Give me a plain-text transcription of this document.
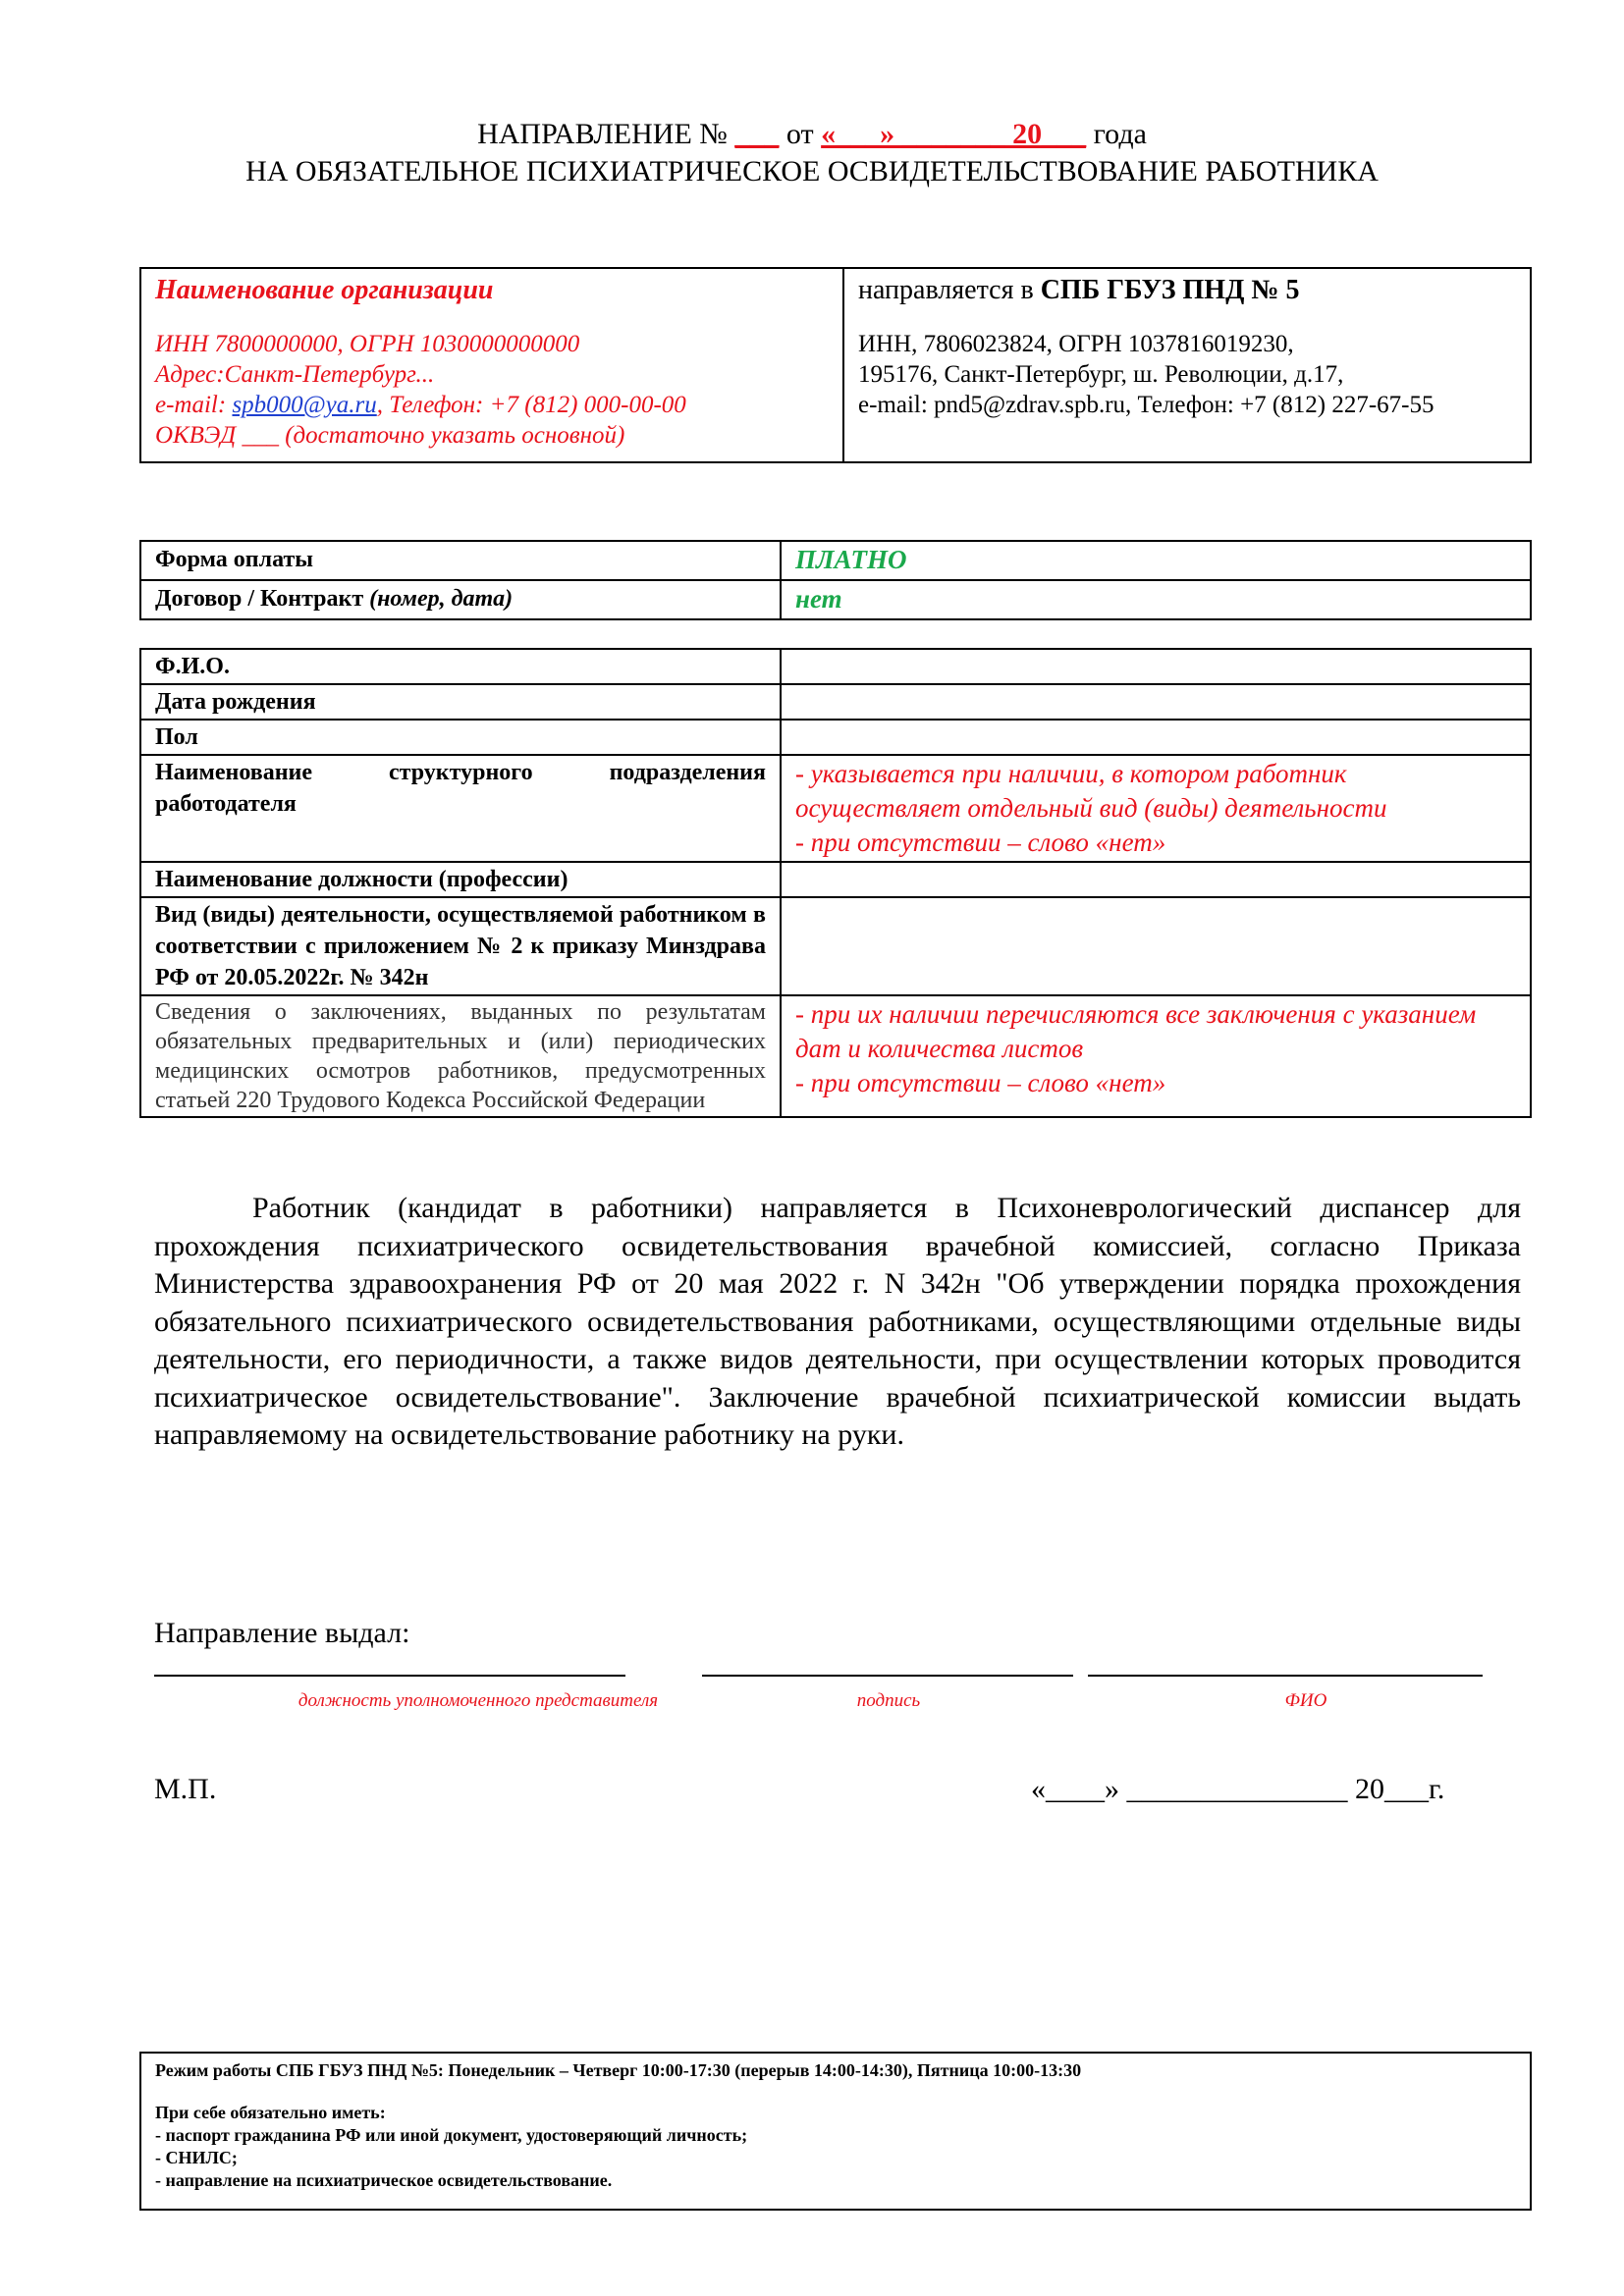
НАПРАВЛЕНИЕ № ___ от «___» _______ 20___ года
НА ОБЯЗАТЕЛЬНОЕ ПСИХИАТРИЧЕСКОЕ ОСВИДЕТЕЛЬСТВОВАНИЕ РАБОТНИКА
Наименование организации
ИНН 7800000000, ОГРН 1030000000000
Адрес:Санкт-Петербург...
e-mail: spb000@ya.ru, Телефон: +7 (812) 000-00-00
ОКВЭД ___ (достаточно указать основной)

направляется в СПБ ГБУЗ ПНД № 5
ИНН, 7806023824, ОГРН 1037816019230,
195176, Санкт-Петербург, ш. Революции, д.17,
e-mail: pnd5@zdrav.spb.ru, Телефон: +7 (812) 227-67-55
Форма оплаты	ПЛАТНО
Договор / Контракт (номер, дата)	нет
Ф.И.О.	
Дата рождения	
Пол	
Наименование структурного подразделения работодателя	- указывается при наличии, в котором работник осуществляет отдельный вид (виды) деятельности
- при отсутствии – слово «нет»

Наименование должности (профессии)	
Вид (виды) деятельности, осуществляемой работником в соответствии с приложением № 2 к приказу Минздрава РФ от 20.05.2022г. № 342н	
Сведения о заключениях, выданных по результатам обязательных предварительных и (или) периодических медицинских осмотров работников, предусмотренных статьей 220 Трудового Кодекса Российской Федерации	- при их наличии перечисляются все заключения с указанием дат и количества листов
- при отсутствии – слово «нет»
Работник (кандидат в работники) направляется в Психоневрологический диспансер для прохождения психиатрического освидетельствования врачебной комиссией, согласно Приказа Министерства здравоохранения РФ от 20 мая 2022 г. N 342н "Об утверждении порядка прохождения обязательного психиатрического освидетельствования работниками, осуществляющими отдельные виды деятельности, его периодичности, а также видов деятельности, при осуществлении которых проводится психиатрическое освидетельствование". Заключение врачебной психиатрической комиссии выдать направляемому на освидетельствование работнику на руки.
Направление выдал:
должность уполномоченного представителя	подпись	ФИО
М.П.	«____» _______________ 20___г.
Режим работы СПБ ГБУЗ ПНД №5: Понедельник – Четверг 10:00-17:30 (перерыв 14:00-14:30), Пятница 10:00-13:30
При себе обязательно иметь:
- паспорт гражданина РФ или иной документ, удостоверяющий личность;
- СНИЛС;
- направление на психиатрическое освидетельствование.
